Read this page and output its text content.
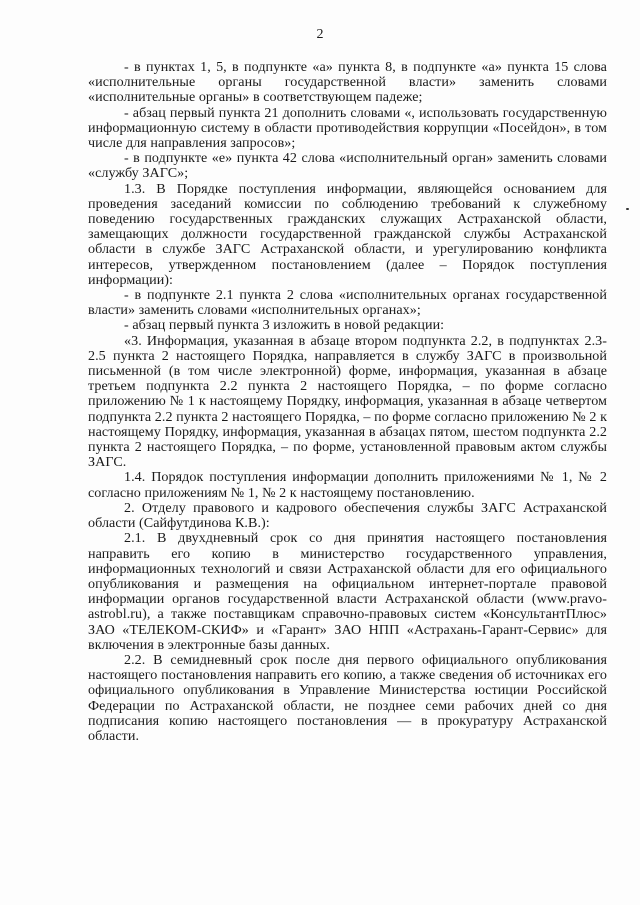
2

- в пунктах 1, 5, в подпункте «а» пункта 8, в подпункте «а» пункта 15 слова «исполнительные органы государственной власти» заменить словами «исполнительные органы» в соответствующем падеже;

- абзац первый пункта 21 дополнить словами «, использовать государственную информационную систему в области противодействия коррупции «Посейдон», в том числе для направления запросов»;

- в подпункте «е» пункта 42 слова «исполнительный орган» заменить словами «службу ЗАГС»;

1.3. В Порядке поступления информации, являющейся основанием для проведения заседаний комиссии по соблюдению требований к служебному поведению государственных гражданских служащих Астраханской области, замещающих должности государственной гражданской службы Астраханской области в службе ЗАГС Астраханской области, и урегулированию конфликта интересов, утвержденном постановлением (далее – Порядок поступления информации):

- в подпункте 2.1 пункта 2 слова «исполнительных органах государственной власти» заменить словами «исполнительных органах»;

- абзац первый пункта 3 изложить в новой редакции:

«3. Информация, указанная в абзаце втором подпункта 2.2, в подпунктах 2.3-2.5 пункта 2 настоящего Порядка, направляется в службу ЗАГС в произвольной письменной (в том числе электронной) форме, информация, указанная в абзаце третьем подпункта 2.2 пункта 2 настоящего Порядка, – по форме согласно приложению № 1 к настоящему Порядку, информация, указанная в абзаце четвертом подпункта 2.2 пункта 2 настоящего Порядка, – по форме согласно приложению № 2 к настоящему Порядку, информация, указанная в абзацах пятом, шестом подпункта 2.2 пункта 2 настоящего Порядка, – по форме, установленной правовым актом службы ЗАГС.

1.4. Порядок поступления информации дополнить приложениями № 1, № 2 согласно приложениям № 1, № 2 к настоящему постановлению.

2. Отделу правового и кадрового обеспечения службы ЗАГС Астраханской области (Сайфутдинова К.В.):

2.1. В двухдневный срок со дня принятия настоящего постановления направить его копию в министерство государственного управления, информационных технологий и связи Астраханской области для его официального опубликования и размещения на официальном интернет-портале правовой информации органов государственной власти Астраханской области (www.pravo-astrobl.ru), а также поставщикам справочно-правовых систем «КонсультантПлюс» ЗАО «ТЕЛЕКОМ-СКИФ» и «Гарант» ЗАО НПП «Астрахань-Гарант-Сервис» для включения в электронные базы данных.

2.2. В семидневный срок после дня первого официального опубликования настоящего постановления направить его копию, а также сведения об источниках его официального опубликования в Управление Министерства юстиции Российской Федерации по Астраханской области, не позднее семи рабочих дней со дня подписания копию настоящего постановления — в прокуратуру Астраханской области.
